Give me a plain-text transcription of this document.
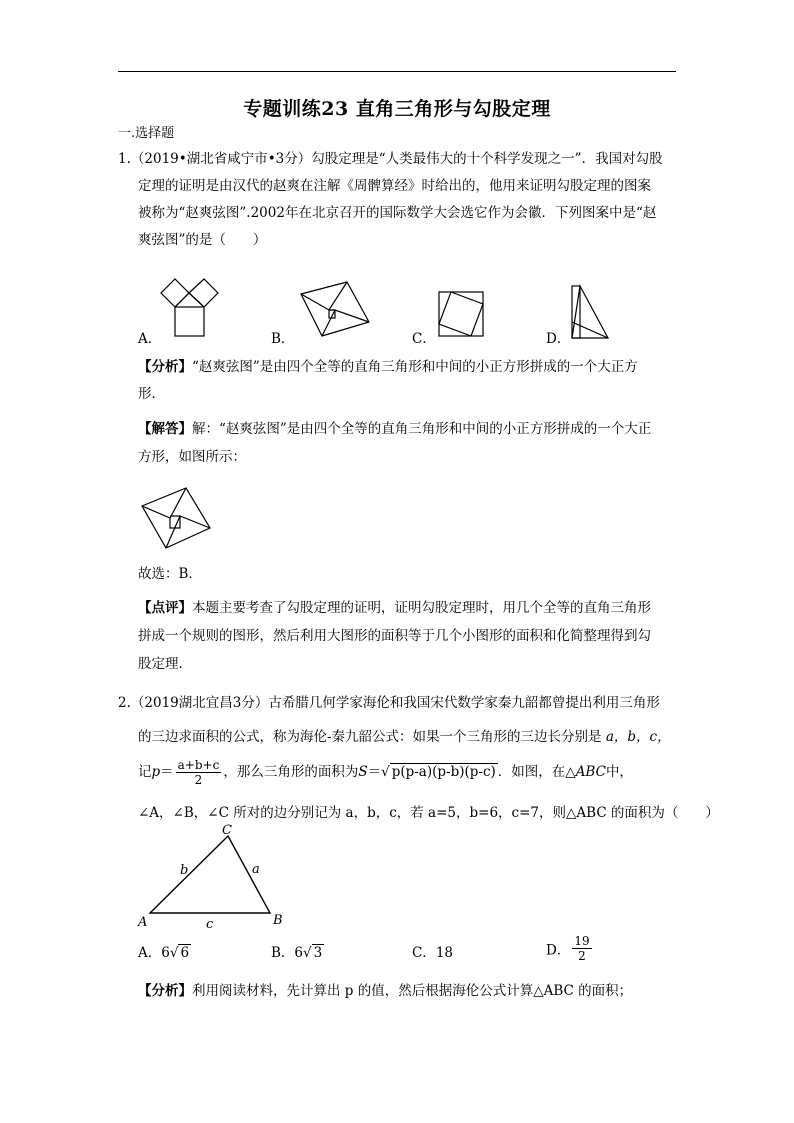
专题训练23 直角三角形与勾股定理
一.选择题
1.（2019•湖北省咸宁市•3分）勾股定理是“人类最伟大的十个科学发现之一”．我国对勾股
定理的证明是由汉代的赵爽在注解《周髀算经》时给出的，他用来证明勾股定理的图案
被称为“赵爽弦图”.2002年在北京召开的国际数学大会选它作为会徽．下列图案中是“赵
爽弦图”的是（　　）
A．	B．	C．	D．
【分析】“赵爽弦图”是由四个全等的直角三角形和中间的小正方形拼成的一个大正方
形．
【解答】解：“赵爽弦图”是由四个全等的直角三角形和中间的小正方形拼成的一个大正
方形，如图所示：
故选：B．
【点评】本题主要考查了勾股定理的证明，证明勾股定理时，用几个全等的直角三角形
拼成一个规则的图形，然后利用大图形的面积等于几个小图形的面积和化简整理得到勾
股定理．
2.（2019湖北宜昌3分）古希腊几何学家海伦和我国宋代数学家秦九韶都曾提出利用三角形
的三边求面积的公式，称为海伦-秦九韶公式：如果一个三角形的三边长分别是 a，b，c，
记$p= \frac{a+b+c}{2}$ ，那么三角形的面积为S＝√ p(p-a)(p-b)(p-c) ．如图，在△ABC中，
∠A，∠B，∠C 所对的边分别记为 a，b，c，若 a=5，b=6，c=7，则△ABC 的面积为（　　）
A	B
C
a
b
c
A．6√ 6	B．6√ 3	C．18	D． $\frac{19}{2}$
【分析】利用阅读材料，先计算出 p 的值，然后根据海伦公式计算△ABC 的面积；
